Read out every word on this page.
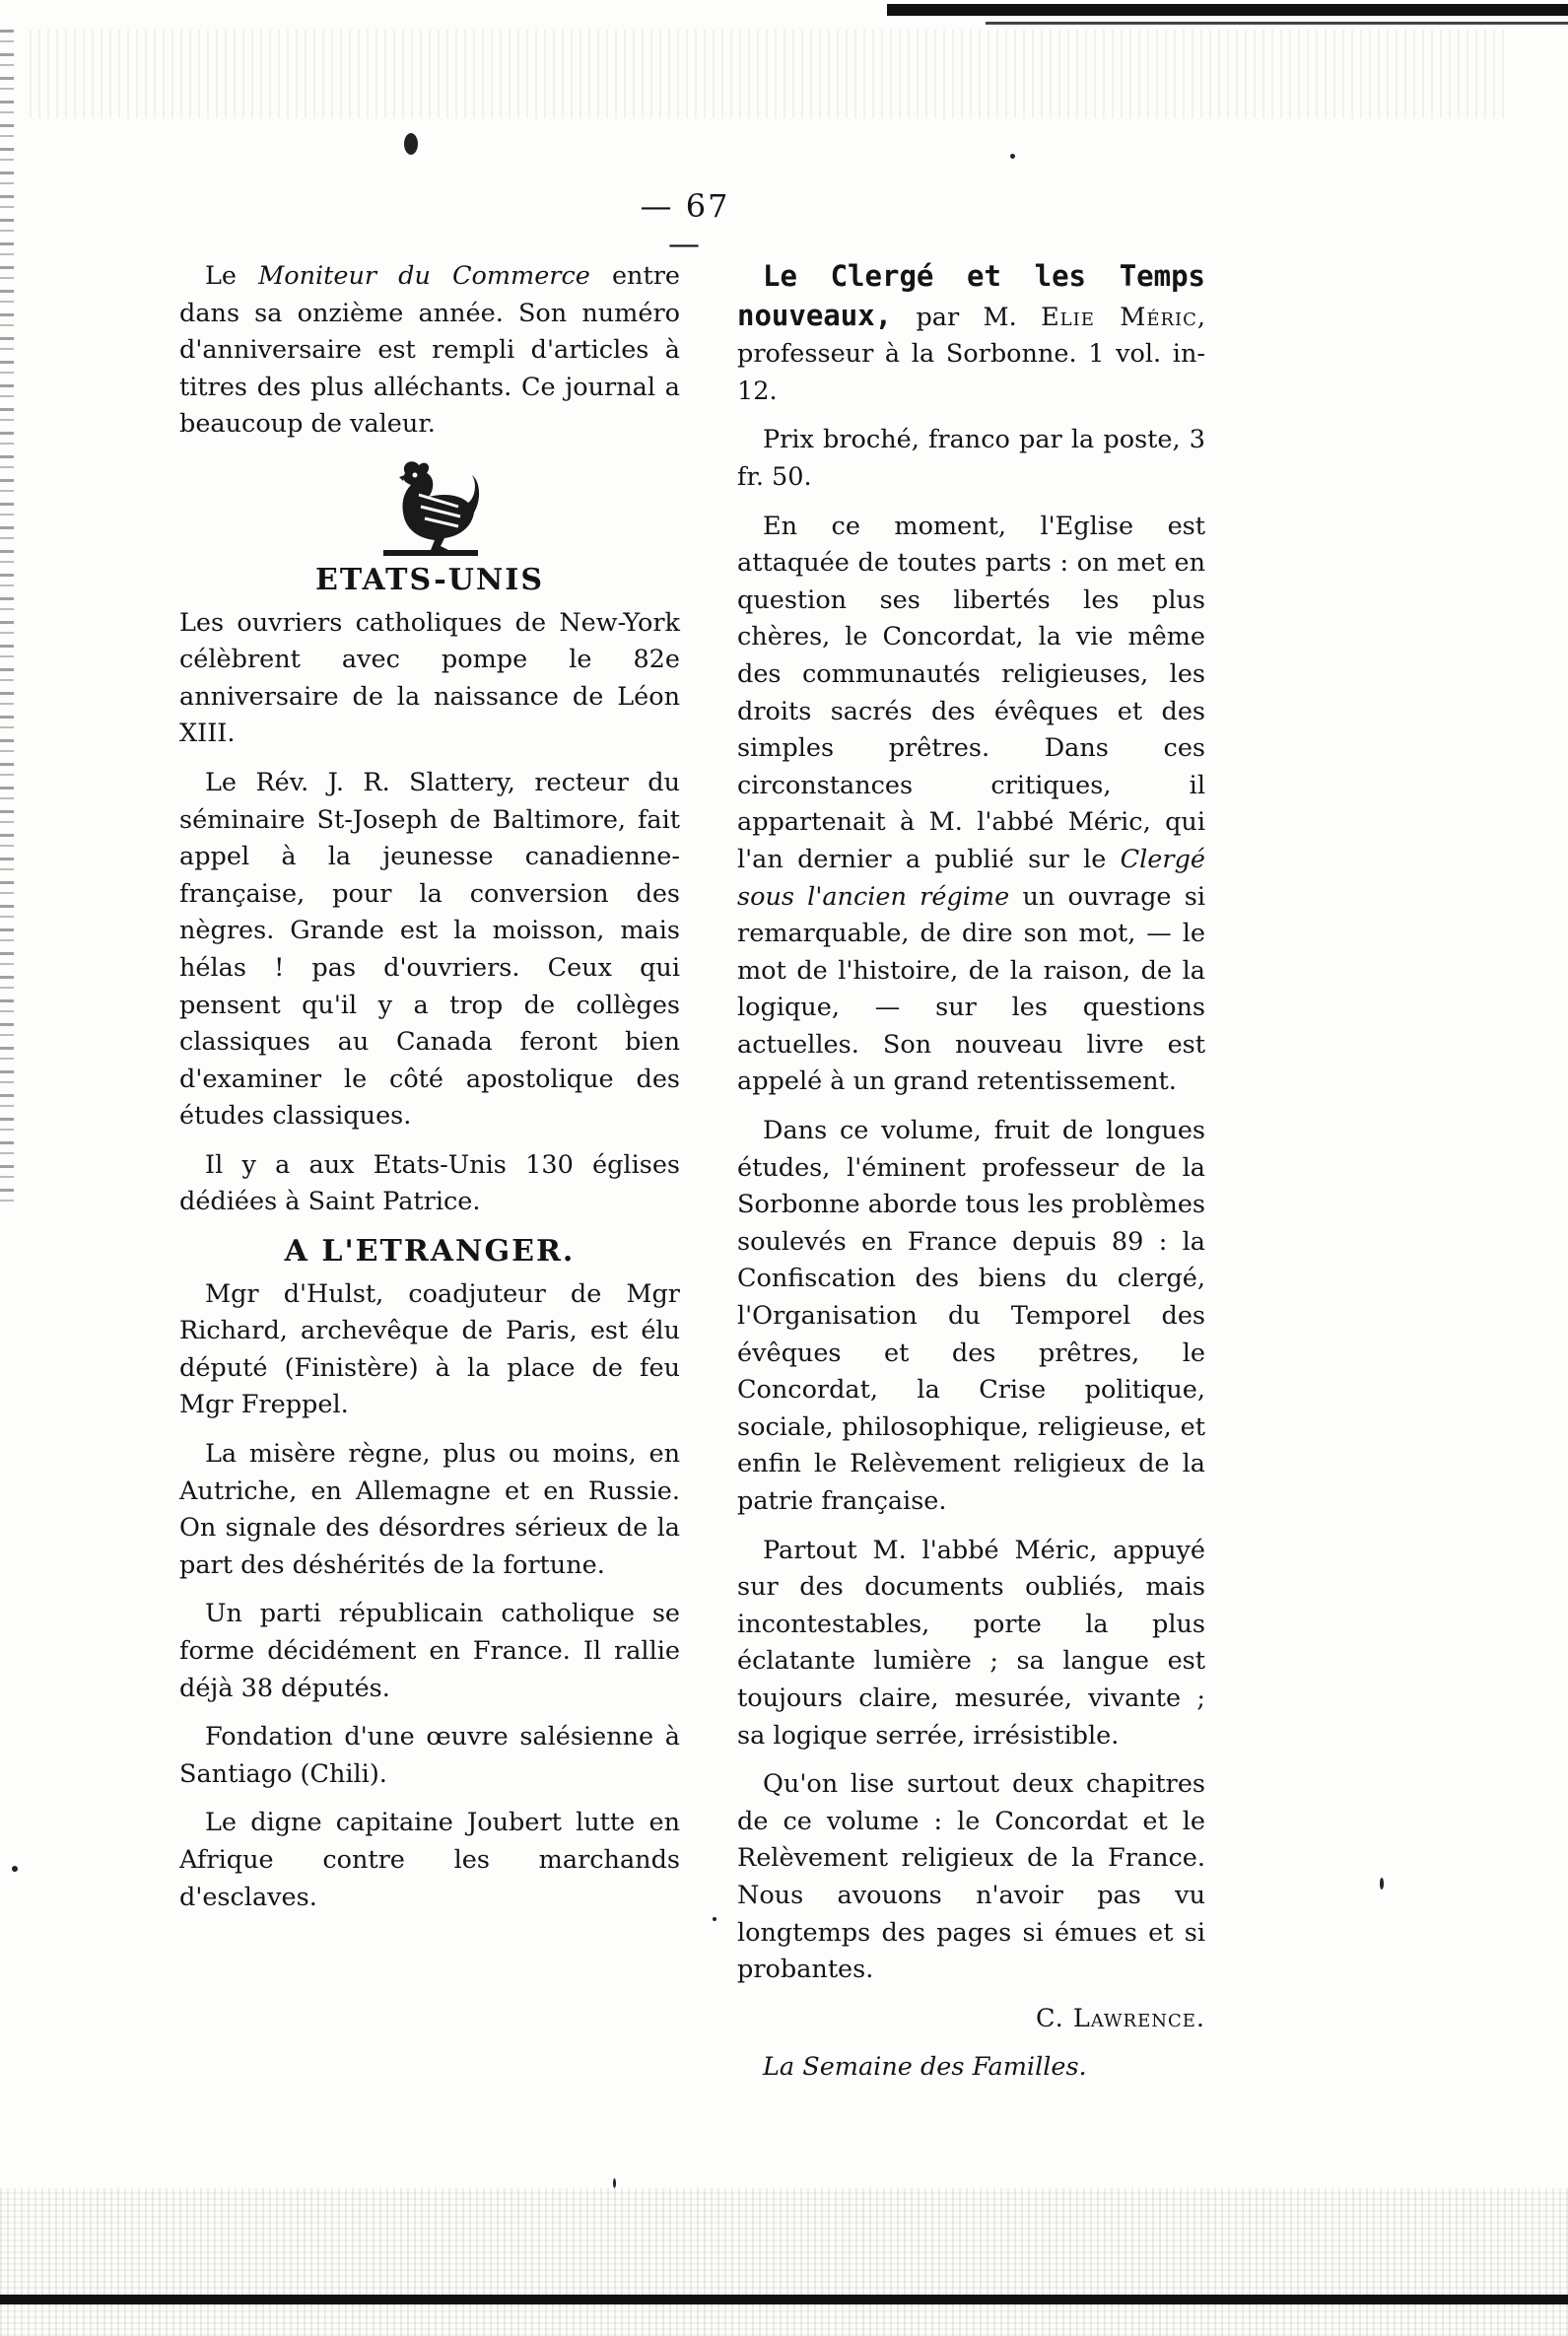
— 67 —

Le Moniteur du Commerce entre dans sa onzième année. Son numéro d'anniversaire est rempli d'articles à titres des plus alléchants. Ce journal a beaucoup de valeur.

ETATS-UNIS

Les ouvriers catholiques de New-York célèbrent avec pompe le 82e anniversaire de la naissance de Léon XIII.

Le Rév. J. R. Slattery, recteur du séminaire St-Joseph de Baltimore, fait appel à la jeunesse canadienne-française, pour la conversion des nègres. Grande est la moisson, mais hélas ! pas d'ouvriers. Ceux qui pensent qu'il y a trop de collèges classiques au Canada feront bien d'examiner le côté apostolique des études classiques.

Il y a aux Etats-Unis 130 églises dédiées à Saint Patrice.

A L'ETRANGER.

Mgr d'Hulst, coadjuteur de Mgr Richard, archevêque de Paris, est élu député (Finistère) à la place de feu Mgr Freppel.

La misère règne, plus ou moins, en Autriche, en Allemagne et en Russie. On signale des désordres sérieux de la part des déshérités de la fortune.

Un parti républicain catholique se forme décidément en France. Il rallie déjà 38 députés.

Fondation d'une œuvre salésienne à Santiago (Chili).

Le digne capitaine Joubert lutte en Afrique contre les marchands d'esclaves.

Le Clergé et les Temps nouveaux, par M. Elie Méric, professeur à la Sorbonne. 1 vol. in-12.

Prix broché, franco par la poste, 3 fr. 50.

En ce moment, l'Eglise est attaquée de toutes parts : on met en question ses libertés les plus chères, le Concordat, la vie même des communautés religieuses, les droits sacrés des évêques et des simples prêtres. Dans ces circonstances critiques, il appartenait à M. l'abbé Méric, qui l'an dernier a publié sur le Clergé sous l'ancien régime un ouvrage si remarquable, de dire son mot, — le mot de l'histoire, de la raison, de la logique, — sur les questions actuelles. Son nouveau livre est appelé à un grand retentissement.

Dans ce volume, fruit de longues études, l'éminent professeur de la Sorbonne aborde tous les problèmes soulevés en France depuis 89 : la Confiscation des biens du clergé, l'Organisation du Temporel des évêques et des prêtres, le Concordat, la Crise politique, sociale, philosophique, religieuse, et enfin le Relèvement religieux de la patrie française.

Partout M. l'abbé Méric, appuyé sur des documents oubliés, mais incontestables, porte la plus éclatante lumière ; sa langue est toujours claire, mesurée, vivante ; sa logique serrée, irrésistible.

Qu'on lise surtout deux chapitres de ce volume : le Concordat et le Relèvement religieux de la France. Nous avouons n'avoir pas vu longtemps des pages si émues et si probantes.

C. Lawrence.

La Semaine des Familles.
